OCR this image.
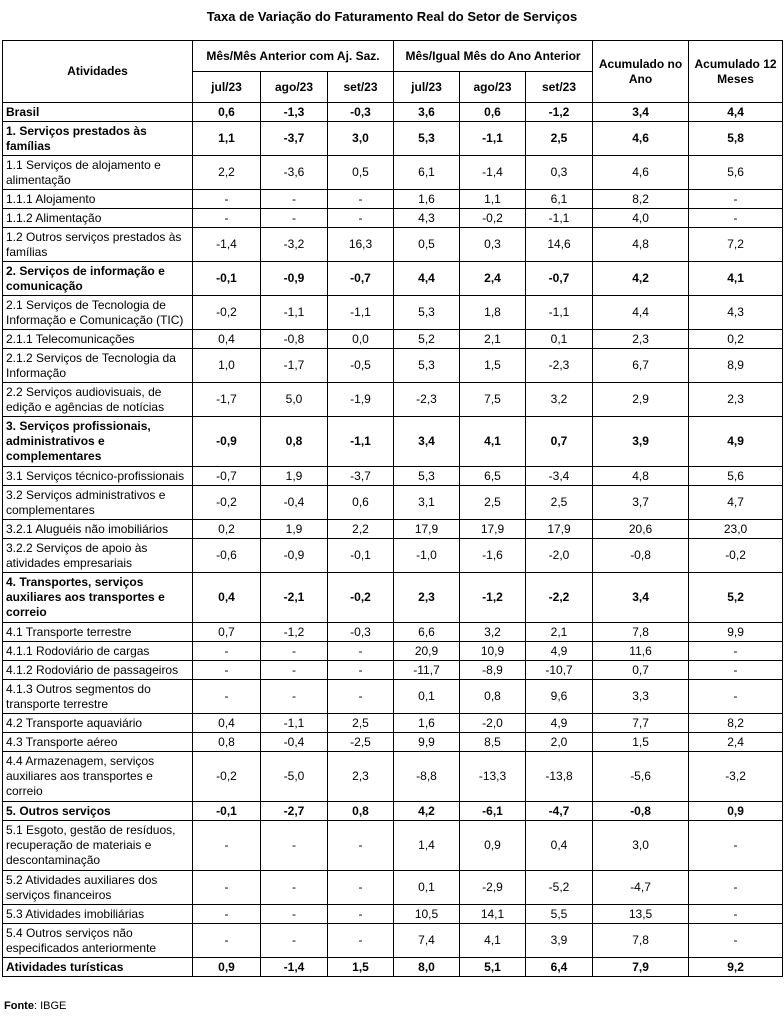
Taxa de Variação do Faturamento Real do Setor de Serviços
Atividades	Mês/Mês Anterior com Aj. Saz.			Mês/Igual Mês do Ano Anterior			Acumulado no Ano	Acumulado 12 Meses
	jul/23	ago/23	set/23	jul/23	ago/23	set/23		
Brasil	0,6	-1,3	-0,3	3,6	0,6	-1,2	3,4	4,4
1. Serviços prestados às famílias	1,1	-3,7	3,0	5,3	-1,1	2,5	4,6	5,8
1.1 Serviços de alojamento e alimentação	2,2	-3,6	0,5	6,1	-1,4	0,3	4,6	5,6
1.1.1 Alojamento	-	-	-	1,6	1,1	6,1	8,2	-
1.1.2 Alimentação	-	-	-	4,3	-0,2	-1,1	4,0	-
1.2 Outros serviços prestados às famílias	-1,4	-3,2	16,3	0,5	0,3	14,6	4,8	7,2
2. Serviços de informação e comunicação	-0,1	-0,9	-0,7	4,4	2,4	-0,7	4,2	4,1
2.1 Serviços de Tecnologia de Informação e Comunicação (TIC)	-0,2	-1,1	-1,1	5,3	1,8	-1,1	4,4	4,3
2.1.1 Telecomunicações	0,4	-0,8	0,0	5,2	2,1	0,1	2,3	0,2
2.1.2 Serviços de Tecnologia da Informação	1,0	-1,7	-0,5	5,3	1,5	-2,3	6,7	8,9
2.2 Serviços audiovisuais, de edição e agências de notícias	-1,7	5,0	-1,9	-2,3	7,5	3,2	2,9	2,3
3. Serviços profissionais, administrativos e complementares	-0,9	0,8	-1,1	3,4	4,1	0,7	3,9	4,9
3.1 Serviços técnico-profissionais	-0,7	1,9	-3,7	5,3	6,5	-3,4	4,8	5,6
3.2 Serviços administrativos e complementares	-0,2	-0,4	0,6	3,1	2,5	2,5	3,7	4,7
3.2.1 Aluguéis não imobiliários	0,2	1,9	2,2	17,9	17,9	17,9	20,6	23,0
3.2.2 Serviços de apoio às atividades empresariais	-0,6	-0,9	-0,1	-1,0	-1,6	-2,0	-0,8	-0,2
4. Transportes, serviços auxiliares aos transportes e correio	0,4	-2,1	-0,2	2,3	-1,2	-2,2	3,4	5,2
4.1 Transporte terrestre	0,7	-1,2	-0,3	6,6	3,2	2,1	7,8	9,9
4.1.1 Rodoviário de cargas	-	-	-	20,9	10,9	4,9	11,6	-
4.1.2 Rodoviário de passageiros	-	-	-	-11,7	-8,9	-10,7	0,7	-
4.1.3 Outros segmentos do transporte terrestre	-	-	-	0,1	0,8	9,6	3,3	-
4.2 Transporte aquaviário	0,4	-1,1	2,5	1,6	-2,0	4,9	7,7	8,2
4.3 Transporte aéreo	0,8	-0,4	-2,5	9,9	8,5	2,0	1,5	2,4
4.4 Armazenagem, serviços auxiliares aos transportes e correio	-0,2	-5,0	2,3	-8,8	-13,3	-13,8	-5,6	-3,2
5. Outros serviços	-0,1	-2,7	0,8	4,2	-6,1	-4,7	-0,8	0,9
5.1 Esgoto, gestão de resíduos, recuperação de materiais e descontaminação	-	-	-	1,4	0,9	0,4	3,0	-
5.2 Atividades auxiliares dos serviços financeiros	-	-	-	0,1	-2,9	-5,2	-4,7	-
5.3 Atividades imobiliárias	-	-	-	10,5	14,1	5,5	13,5	-
5.4 Outros serviços não especificados anteriormente	-	-	-	7,4	4,1	3,9	7,8	-
Atividades turísticas	0,9	-1,4	1,5	8,0	5,1	6,4	7,9	9,2
Fonte: IBGE
